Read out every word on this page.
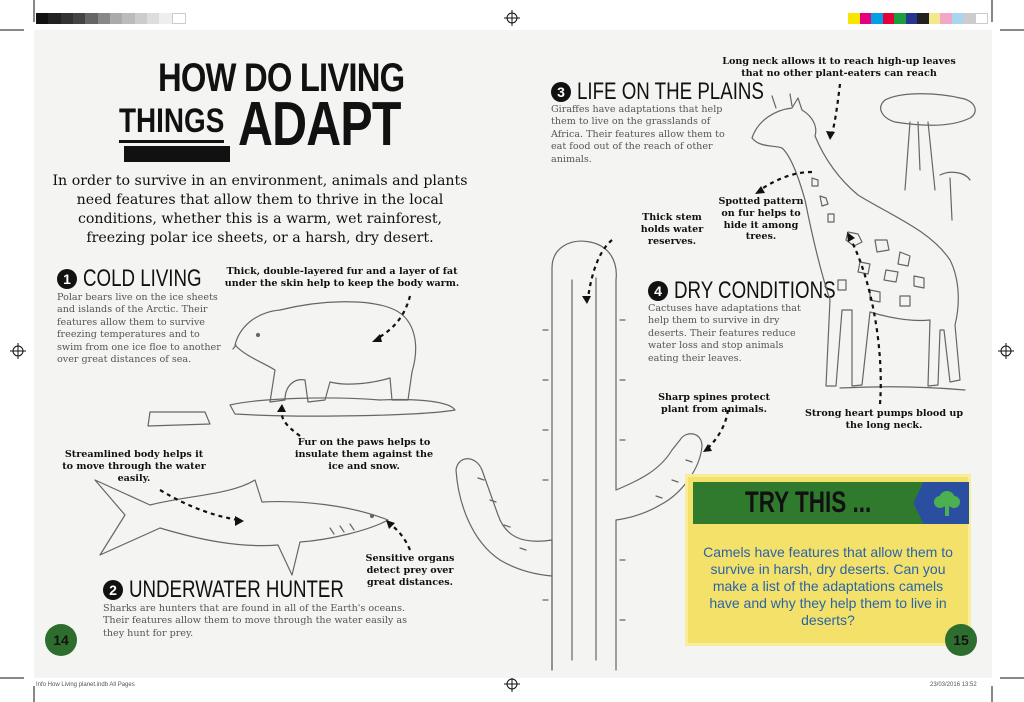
HOW DO LIVING
THINGS ADAPT
In order to survive in an environment, animals and plants need features that allow them to thrive in the local conditions, whether this is a warm, wet rainforest, freezing polar ice sheets, or a harsh, dry desert.
1 COLD LIVING
Polar bears live on the ice sheets and islands of the Arctic. Their features allow them to survive freezing temperatures and to swim from one ice floe to another over great distances of sea.
2 UNDERWATER HUNTER
Sharks are hunters that are found in all of the Earth's oceans. Their features allow them to move through the water easily as they hunt for prey.
3 LIFE ON THE PLAINS
Giraffes have adaptations that help them to live on the grasslands of Africa. Their features allow them to eat food out of the reach of other animals.
4 DRY CONDITIONS
Cactuses have adaptations that help them to survive in dry deserts. Their features reduce water loss and stop animals eating their leaves.
Thick, double-layered fur and a layer of fat under the skin help to keep the body warm.
Fur on the paws helps to insulate them against the ice and snow.
Streamlined body helps it to move through the water easily.
Sensitive organs detect prey over great distances.
Long neck allows it to reach high-up leaves that no other plant-eaters can reach
Spotted pattern on fur helps to hide it among trees.
Strong heart pumps blood up the long neck.
Thick stem holds water reserves.
Sharp spines protect plant from animals.
TRY THIS ...
Camels have features that allow them to survive in harsh, dry deserts. Can you make a list of the adaptations camels have and why they help them to live in deserts?
14	15
Info How Living planet.indb All Pages	23/03/2016 13:52
